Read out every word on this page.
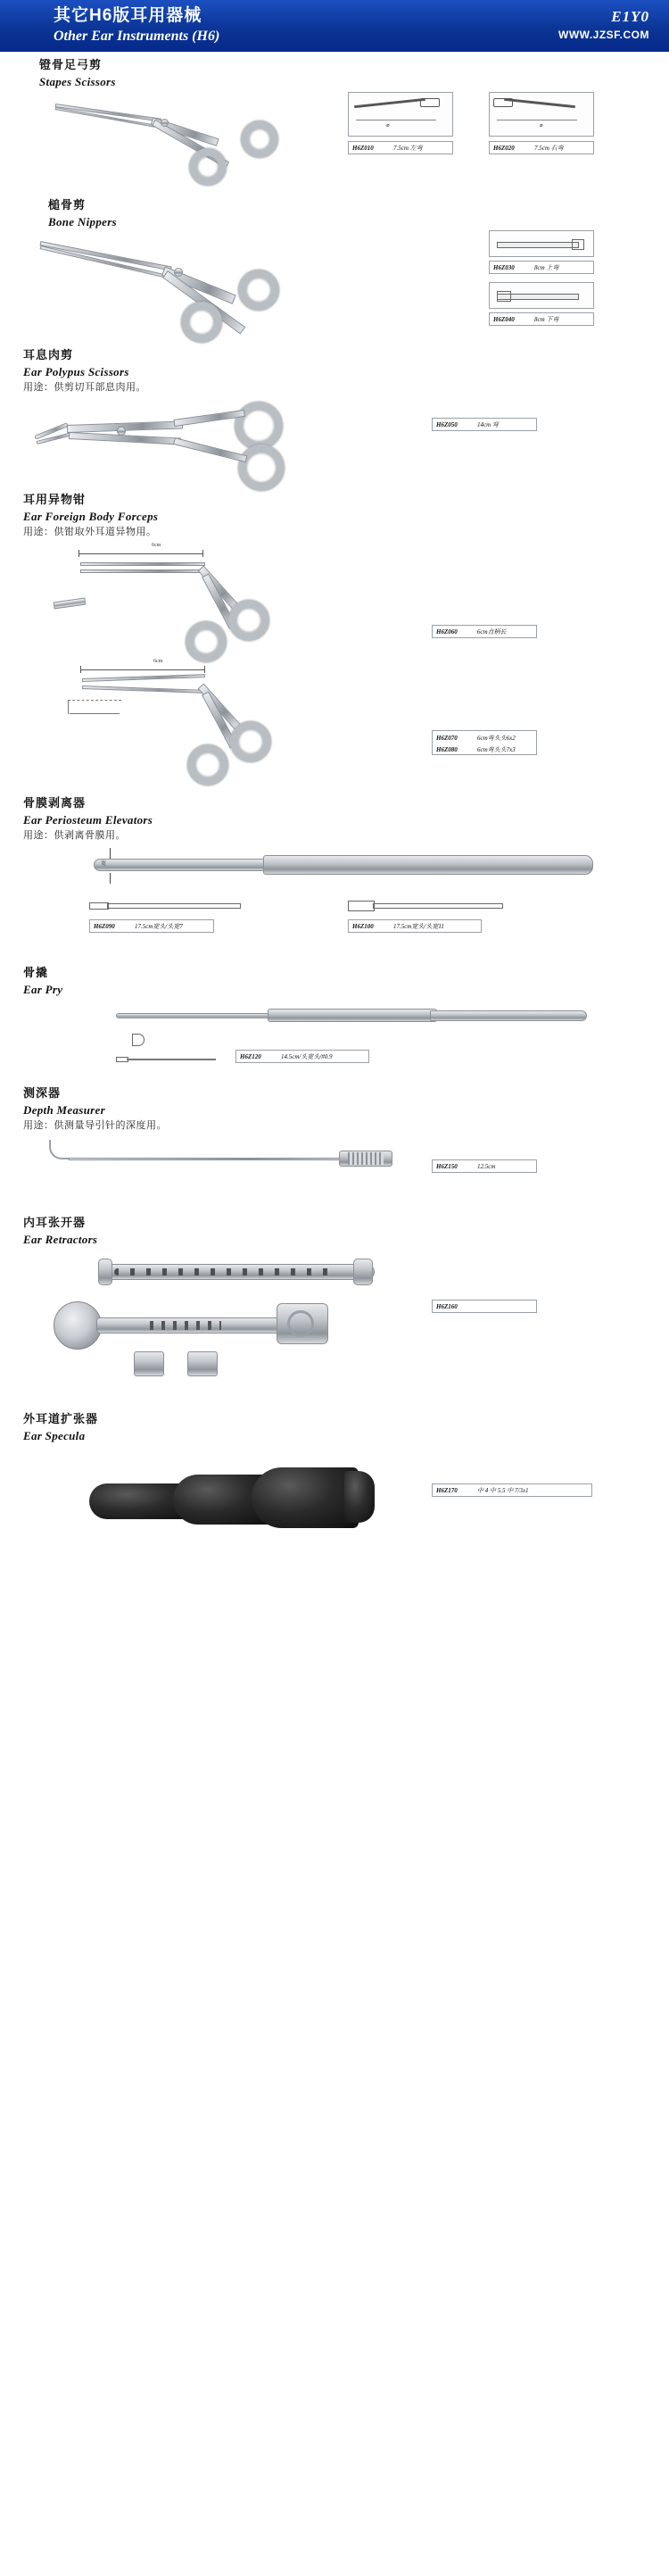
其它H6版耳用器械
Other Ear Instruments (H6)
E1Y0
WWW.JZSF.COM
镫骨足弓剪
Stapes Scissors
⌀	⌀
H6Z010	7.5cm 左弯	H6Z020	7.5cm 右弯
槌骨剪
Bone Nippers
H6Z030	8cm 上弯
H6Z040	8cm 下弯
耳息肉剪
Ear Polypus Scissors
用途：供剪切耳部息肉用。
H6Z050	14cm 弯
耳用异物钳
Ear Foreign Body Forceps
用途：供钳取外耳道异物用。
6cm
H6Z060	6cm直柄长
6cm
H6Z070	6cm弯头头6x2
H6Z080	6cm弯头头7x3
骨膜剥离器
Ear Periosteum Elevators
用途：供剥离骨膜用。
宽
H6Z090	17.5cm宽头/头宽7	H6Z100	17.5cm宽头/头宽11
骨撬
Ear Pry
H6Z120	14.5cm/头宽头/#0.9
测深器
Depth Measurer
用途：供测量导引针的深度用。
H6Z150	12.5cm
内耳张开器
Ear Retractors
H6Z160
外耳道扩张器
Ear Specula
H6Z170	中 4 中 5.5 中 7/3x1
